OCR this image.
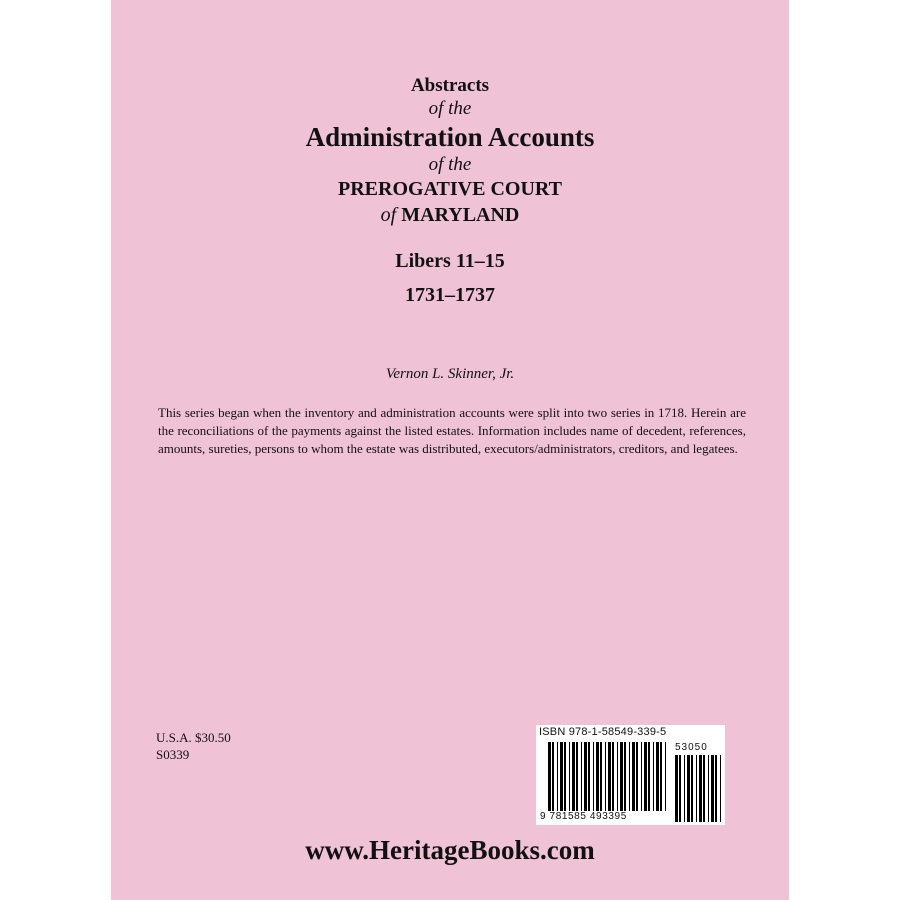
Abstracts
of the
Administration Accounts
of the
PREROGATIVE COURT
of MARYLAND
Libers 11–15
1731–1737
Vernon L. Skinner, Jr.
This series began when the inventory and administration accounts were split into two series in 1718. Herein are the reconciliations of the payments against the listed estates. Information includes name of decedent, references, amounts, sureties, persons to whom the estate was distributed, executors/administrators, creditors, and legatees.
U.S.A. $30.50
S0339
ISBN 978-1-58549-339-5
53050
9 781585 493395
www.HeritageBooks.com
